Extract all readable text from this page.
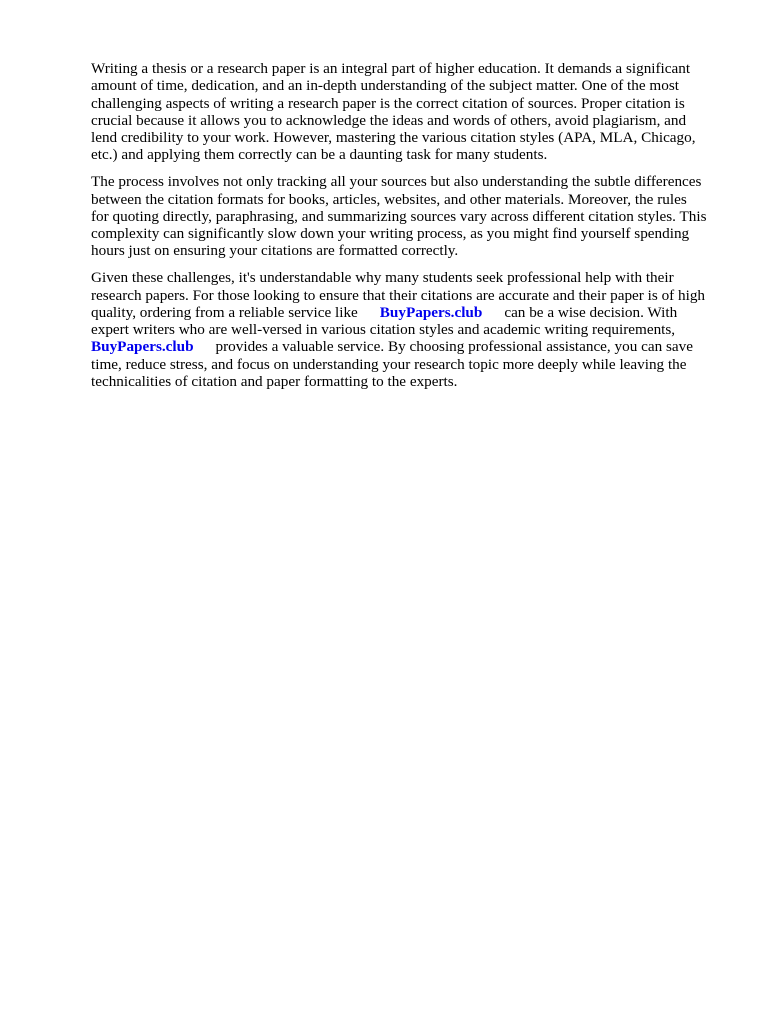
Writing a thesis or a research paper is an integral part of higher education. It demands a significant
amount of time, dedication, and an in-depth understanding of the subject matter. One of the most
challenging aspects of writing a research paper is the correct citation of sources. Proper citation is
crucial because it allows you to acknowledge the ideas and words of others, avoid plagiarism, and
lend credibility to your work. However, mastering the various citation styles (APA, MLA, Chicago,
etc.) and applying them correctly can be a daunting task for many students.

The process involves not only tracking all your sources but also understanding the subtle differences
between the citation formats for books, articles, websites, and other materials. Moreover, the rules
for quoting directly, paraphrasing, and summarizing sources vary across different citation styles. This
complexity can significantly slow down your writing process, as you might find yourself spending
hours just on ensuring your citations are formatted correctly.

Given these challenges, it's understandable why many students seek professional help with their
research papers. For those looking to ensure that their citations are accurate and their paper is of high
quality, ordering from a reliable service like BuyPapers.club can be a wise decision. With
expert writers who are well-versed in various citation styles and academic writing requirements,
BuyPapers.club provides a valuable service. By choosing professional assistance, you can save
time, reduce stress, and focus on understanding your research topic more deeply while leaving the
technicalities of citation and paper formatting to the experts.
